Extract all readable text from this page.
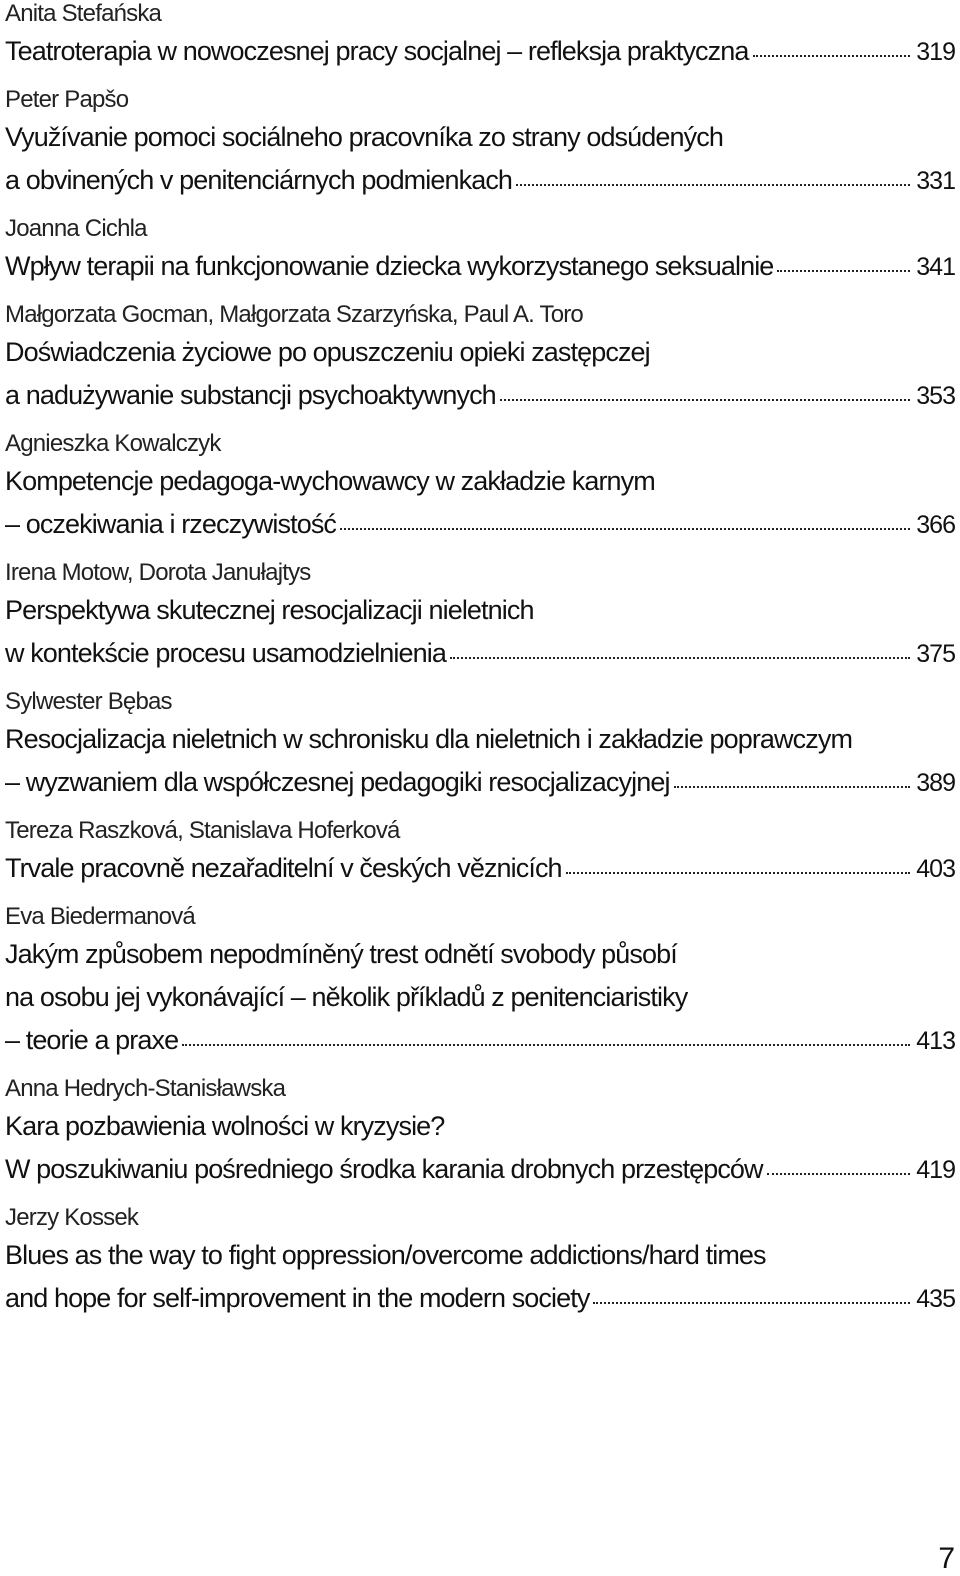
Anita Stefańska
Teatroterapia w nowoczesnej pracy socjalnej – refleksja praktyczna	319
Peter Papšo
Využívanie pomoci sociálneho pracovníka zo strany odsúdených
a obvinených v penitenciárnych podmienkach	331
Joanna Cichla
Wpływ terapii na funkcjonowanie dziecka wykorzystanego seksualnie	341
Małgorzata Gocman, Małgorzata Szarzyńska, Paul A. Toro
Doświadczenia życiowe po opuszczeniu opieki zastępczej
a nadużywanie substancji psychoaktywnych	353
Agnieszka Kowalczyk
Kompetencje pedagoga-wychowawcy w zakładzie karnym
– oczekiwania i rzeczywistość	366
Irena Motow, Dorota Janułajtys
Perspektywa skutecznej resocjalizacji nieletnich
w kontekście procesu usamodzielnienia	375
Sylwester Bębas
Resocjalizacja nieletnich w schronisku dla nieletnich i zakładzie poprawczym
– wyzwaniem dla współczesnej pedagogiki resocjalizacyjnej	389
Tereza Raszková, Stanislava Hoferková
Trvale pracovně nezařaditelní v českých věznicích	403
Eva Biedermanová
Jakým způsobem nepodmíněný trest odnětí svobody působí
na osobu jej vykonávající – několik příkladů z penitenciaristiky
– teorie a praxe	413
Anna Hedrych-Stanisławska
Kara pozbawienia wolności w kryzysie?
W poszukiwaniu pośredniego środka karania drobnych przestępców	419
Jerzy Kossek
Blues as the way to fight oppression/overcome addictions/hard times
and hope for self-improvement in the modern society	435
7
